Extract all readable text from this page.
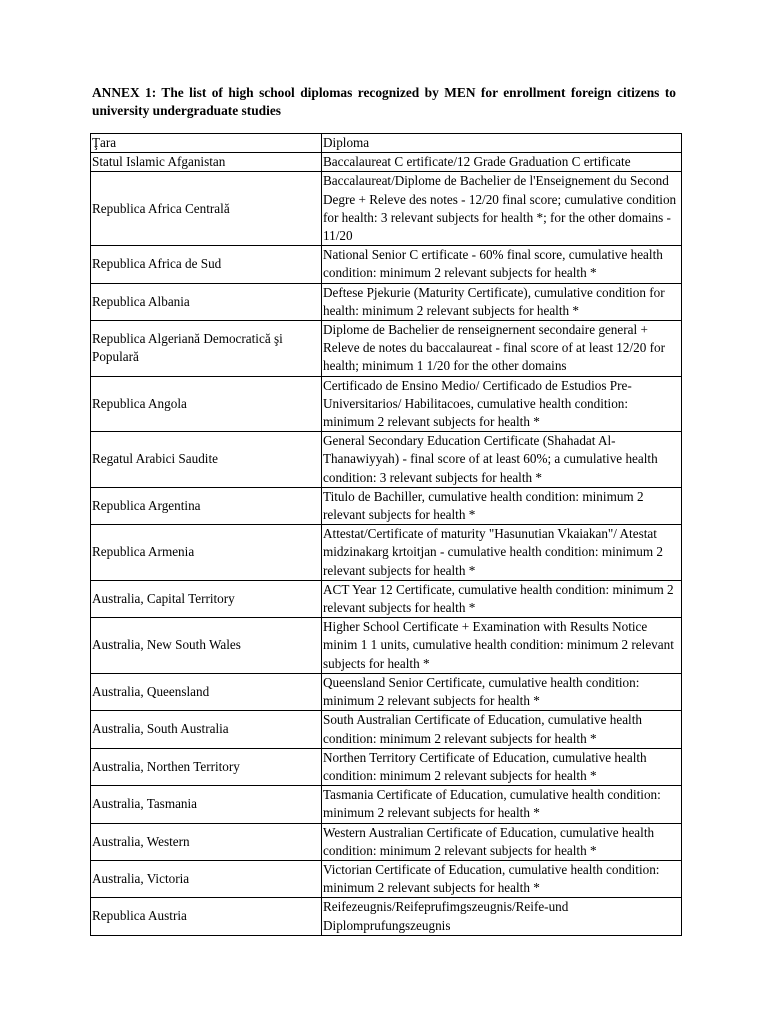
ANNEX 1: The list of high school diplomas recognized by MEN for enrollment foreign citizens to university undergraduate studies
Ţara	Diploma
Statul Islamic Afganistan	Baccalaureat C ertificate/12 Grade Graduation C ertificate
Republica Africa Centrală	Baccalaureat/Diplome de Bachelier de l'Enseignement du Second Degre + Releve des notes - 12/20 final score; cumulative condition for health: 3 relevant subjects for health *; for the other domains - 11/20
Republica Africa de Sud	National Senior C ertificate - 60% final score, cumulative health condition: minimum 2 relevant subjects for health *
Republica Albania	Deftese Pjekurie (Maturity Certificate), cumulative condition for health: minimum 2 relevant subjects for health *
Republica Algeriană Democratică şi Populară	Diplome de Bachelier de renseignernent secondaire general + Releve de notes du baccalaureat - final score of at least 12/20 for health; minimum 1 1/20 for the other domains
Republica Angola	Certificado de Ensino Medio/ Certificado de Estudios Pre-Universitarios/ Habilitacoes, cumulative health condition: minimum 2 relevant subjects for health *
Regatul Arabici Saudite	General Secondary Education Certificate (Shahadat Al-Thanawiyyah) - final score of at least 60%; a cumulative health condition: 3 relevant subjects for health *
Republica Argentina	Titulo de Bachiller, cumulative health condition: minimum 2 relevant subjects for health *
Republica Armenia	Attestat/Certificate of maturity "Hasunutian Vkaiakan"/ Atestat midzinakarg krtoitjan - cumulative health condition: minimum 2 relevant subjects for health *
Australia, Capital Territory	ACT Year 12 Certificate, cumulative health condition: minimum 2 relevant subjects for health *
Australia, New South Wales	Higher School Certificate + Examination with Results Notice minim 1 1 units, cumulative health condition: minimum 2 relevant subjects for health *
Australia, Queensland	Queensland Senior Certificate, cumulative health condition: minimum 2 relevant subjects for health *
Australia, South Australia	South Australian Certificate of Education, cumulative health condition: minimum 2 relevant subjects for health *
Australia, Northen Territory	Northen Territory Certificate of Education, cumulative health condition: minimum 2 relevant subjects for health *
Australia, Tasmania	Tasmania Certificate of Education, cumulative health condition: minimum 2 relevant subjects for health *
Australia, Western	Western Australian Certificate of Education, cumulative health condition: minimum 2 relevant subjects for health *
Australia, Victoria	Victorian Certificate of Education, cumulative health condition: minimum 2 relevant subjects for health *
Republica Austria	Reifezeugnis/Reifeprufimgszeugnis/Reife-und Diplomprufungszeugnis
